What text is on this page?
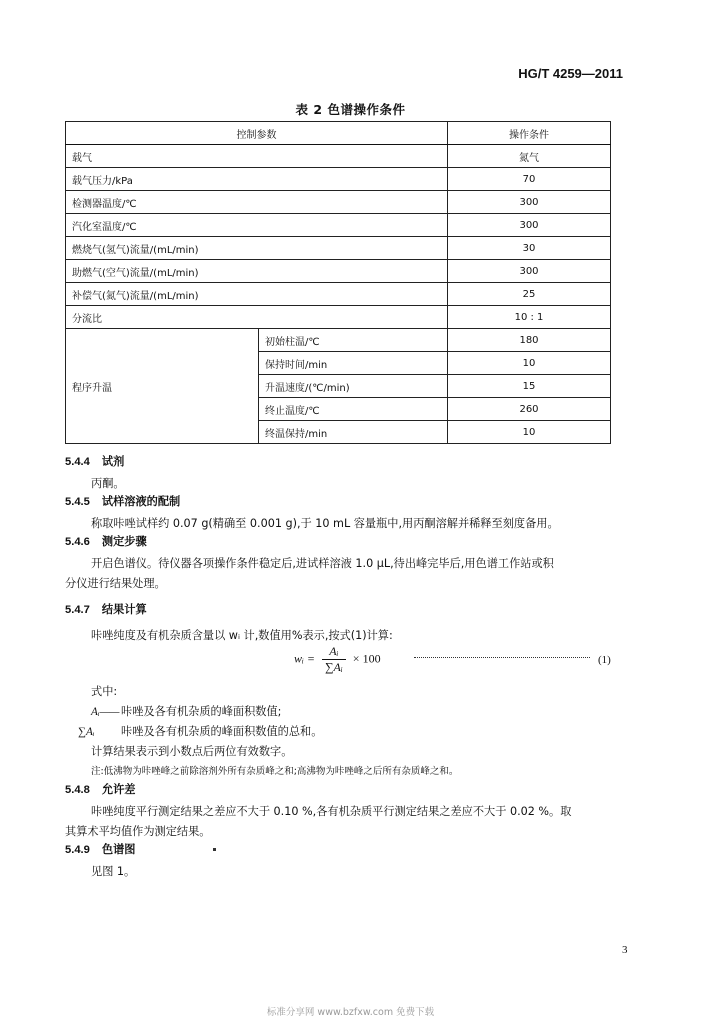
HG/T 4259—2011
表 2 色谱操作条件
控制参数		操作条件
载气		氮气
载气压力/kPa		70
检测器温度/℃		300
汽化室温度/℃		300
燃烧气(氢气)流量/(mL/min)		30
助燃气(空气)流量/(mL/min)		300
补偿气(氮气)流量/(mL/min)		25
分流比		10 : 1
程序升温	初始柱温/℃	180
	保持时间/min	10
	升温速度/(℃/min)	15
	终止温度/℃	260
	终温保持/min	10
5.4.4 试剂
丙酮。
5.4.5 试样溶液的配制
称取咔唑试样约 0.07 g(精确至 0.001 g),于 10 mL 容量瓶中,用丙酮溶解并稀释至刻度备用。
5.4.6 测定步骤
开启色谱仪。待仪器各项操作条件稳定后,进试样溶液 1.0 μL,待出峰完毕后,用色谱工作站或积
分仪进行结果处理。
5.4.7 结果计算
咔唑纯度及有机杂质含量以 wᵢ 计,数值用%表示,按式(1)计算:
wᵢ = $\frac{\text{Aᵢ}}{\text{∑Aᵢ}} \times 100$	(1)
式中:
Aᵢ—— 咔唑及各有机杂质的峰面积数值;
∑Aᵢ 咔唑及各有机杂质的峰面积数值的总和。
计算结果表示到小数点后两位有效数字。
注:低沸物为咔唑峰之前除溶剂外所有杂质峰之和;高沸物为咔唑峰之后所有杂质峰之和。
5.4.8 允许差
咔唑纯度平行测定结果之差应不大于 0.10 %,各有机杂质平行测定结果之差应不大于 0.02 %。取
其算术平均值作为测定结果。
5.4.9 色谱图
见图 1。
3
标准分享网 www.bzfxw.com 免费下载
